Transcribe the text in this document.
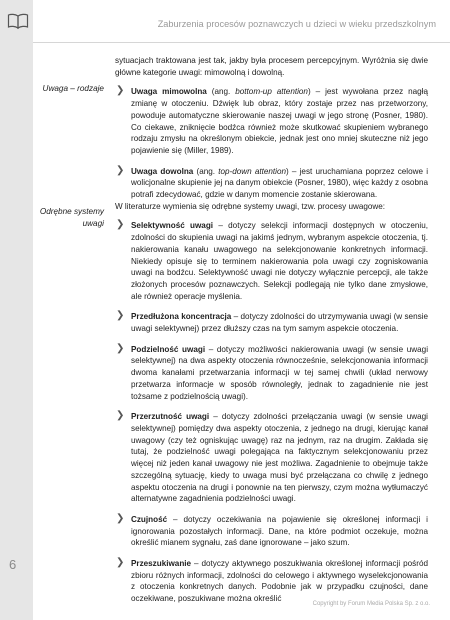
6
Zaburzenia procesów poznawczych u dzieci w wieku przedszkolnym
Uwaga – rodzaje
Odrębne systemy uwagi

sytuacjach traktowana jest tak, jakby była procesem percepcyjnym. Wyróżnia się dwie główne kategorie uwagi: mimowolną i dowolną.

❯ Uwaga mimowolna (ang. bottom-up attention) – jest wywołana przez nagłą zmianę w otoczeniu. Dźwięk lub obraz, który zostaje przez nas przetworzony, powoduje automatyczne skierowanie naszej uwagi w jego stronę (Posner, 1980). Co ciekawe, zniknięcie bodźca również może skutkować skupieniem wybranego rodzaju zmysłu na określonym obiekcie, jednak jest ono mniej skuteczne niż jego pojawienie się (Miller, 1989).
❯ Uwaga dowolna (ang. top-down attention) – jest uruchamiana poprzez celowe i wolicjonalne skupienie jej na danym obiekcie (Posner, 1980), więc każdy z osobna potrafi zdecydować, gdzie w danym momencie zostanie skierowana.

W literaturze wymienia się odrębne systemy uwagi, tzw. procesy uwagowe:

❯ Selektywność uwagi – dotyczy selekcji informacji dostępnych w otoczeniu, zdolności do skupienia uwagi na jakimś jednym, wybranym aspekcie otoczenia, tj. nakierowania kanału uwagowego na selekcjonowanie konkretnych informacji. Niekiedy opisuje się to terminem nakierowania pola uwagi czy zogniskowania uwagi na bodźcu. Selektywność uwagi nie dotyczy wyłącznie percepcji, ale także złożonych procesów poznawczych. Selekcji podlegają nie tylko dane zmysłowe, ale również operacje myślenia.
❯ Przedłużona koncentracja – dotyczy zdolności do utrzymywania uwagi (w sensie uwagi selektywnej) przez dłuższy czas na tym samym aspekcie otoczenia.
❯ Podzielność uwagi – dotyczy możliwości nakierowania uwagi (w sensie uwagi selektywnej) na dwa aspekty otoczenia równocześnie, selekcjonowania informacji dwoma kanałami przetwarzania informacji w tej samej chwili (układ nerwowy przetwarza informacje w sposób równoległy, jednak to zagadnienie nie jest tożsame z podzielnością uwagi).
❯ Przerzutność uwagi – dotyczy zdolności przełączania uwagi (w sensie uwagi selektywnej) pomiędzy dwa aspekty otoczenia, z jednego na drugi, kierując kanał uwagowy (czy też ogniskując uwagę) raz na jednym, raz na drugim. Zakłada się tutaj, że podzielność uwagi polegająca na faktycznym selekcjonowaniu przez więcej niż jeden kanał uwagowy nie jest możliwa. Zagadnienie to obejmuje także szczególną sytuację, kiedy to uwaga musi być przełączana co chwilę z jednego aspektu otoczenia na drugi i ponownie na ten pierwszy, czym można wytłumaczyć alternatywne zagadnienia podzielności uwagi.
❯ Czujność – dotyczy oczekiwania na pojawienie się określonej informacji i ignorowania pozostałych informacji. Dane, na które podmiot oczekuje, można określić mianem sygnału, zaś dane ignorowane – jako szum.
❯ Przeszukiwanie – dotyczy aktywnego poszukiwania określonej informacji pośród zbioru różnych informacji, zdolności do celowego i aktywnego wyselekcjonowania z otoczenia konkretnych danych. Podobnie jak w przypadku czujności, dane oczekiwane, poszukiwane można określić
Copyright by Forum Media Polska Sp. z o.o.
